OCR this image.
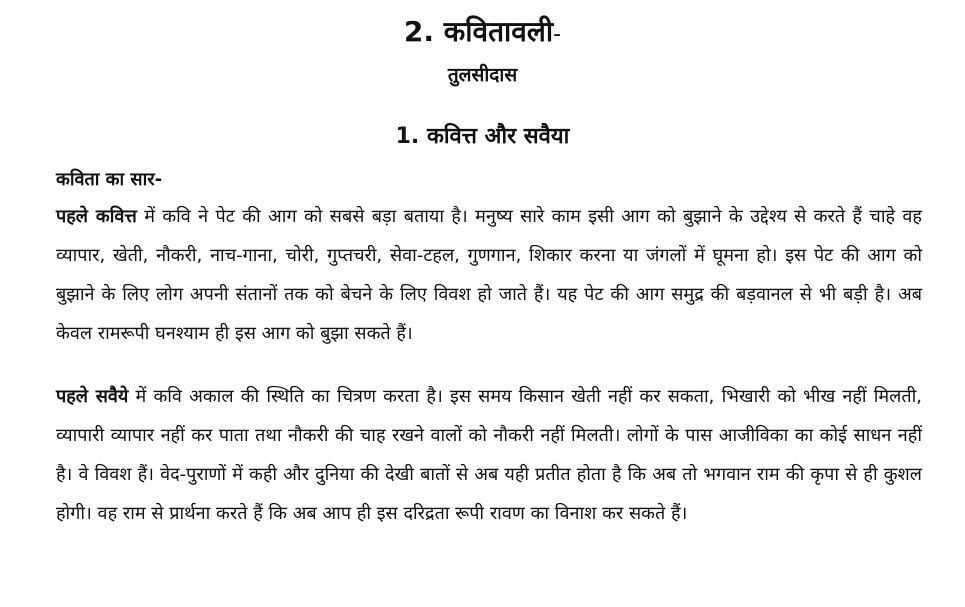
2. कवितावली-
तुलसीदास
1. कवित्त और सवैया
कविता का सार-

पहले कवित्त में कवि ने पेट की आग को सबसे बड़ा बताया है। मनुष्य सारे काम इसी आग को बुझाने के उद्देश्य से करते हैं चाहे वह व्यापार, खेती, नौकरी, नाच-गाना, चोरी, गुप्तचरी, सेवा-टहल, गुणगान, शिकार करना या जंगलों में घूमना हो। इस पेट की आग को बुझाने के लिए लोग अपनी संतानों तक को बेचने के लिए विवश हो जाते हैं। यह पेट की आग समुद्र की बड़वानल से भी बड़ी है। अब केवल रामरूपी घनश्याम ही इस आग को बुझा सकते हैं।

पहले सवैये में कवि अकाल की स्थिति का चित्रण करता है। इस समय किसान खेती नहीं कर सकता, भिखारी को भीख नहीं मिलती, व्यापारी व्यापार नहीं कर पाता तथा नौकरी की चाह रखने वालों को नौकरी नहीं मिलती। लोगों के पास आजीविका का कोई साधन नहीं है। वे विवश हैं। वेद-पुराणों में कही और दुनिया की देखी बातों से अब यही प्रतीत होता है कि अब तो भगवान राम की कृपा से ही कुशल होगी। वह राम से प्रार्थना करते हैं कि अब आप ही इस दरिद्रता रूपी रावण का विनाश कर सकते हैं।
